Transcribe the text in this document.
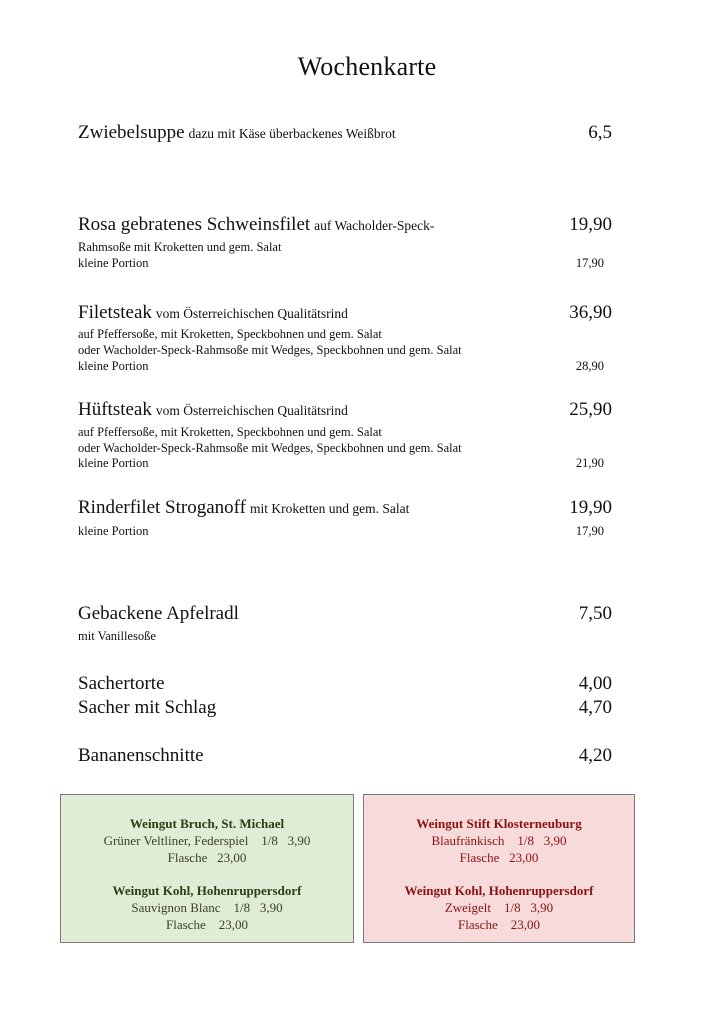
Wochenkarte
Zwiebelsuppe dazu mit Käse überbackenes Weißbrot	6,5
Rosa gebratenes Schweinsfilet auf Wacholder-Speck-	19,90
Rahmsoße mit Kroketten und gem. Salat
kleine Portion	17,90
Filetsteak vom Österreichischen Qualitätsrind	36,90
auf Pfeffersoße, mit Kroketten, Speckbohnen und gem. Salat
oder Wacholder-Speck-Rahmsoße mit Wedges, Speckbohnen und gem. Salat
kleine Portion	28,90
Hüftsteak vom Österreichischen Qualitätsrind	25,90
auf Pfeffersoße, mit Kroketten, Speckbohnen und gem. Salat
oder Wacholder-Speck-Rahmsoße mit Wedges, Speckbohnen und gem. Salat
kleine Portion	21,90
Rinderfilet Stroganoff mit Kroketten und gem. Salat	19,90
kleine Portion	17,90
Gebackene Apfelradl	7,50
mit Vanillesoße
Sachertorte	4,00
Sacher mit Schlag	4,70
Bananenschnitte	4,20
Weingut Bruch, St. Michael
Grüner Veltliner, Federspiel    1/8   3,90
Flasche   23,00
Weingut Kohl, Hohenruppersdorf
Sauvignon Blanc    1/8   3,90
Flasche    23,00
Weingut Stift Klosterneuburg
Blaufränkisch    1/8   3,90
Flasche   23,00
Weingut Kohl, Hohenruppersdorf
Zweigelt    1/8   3,90
Flasche    23,00
